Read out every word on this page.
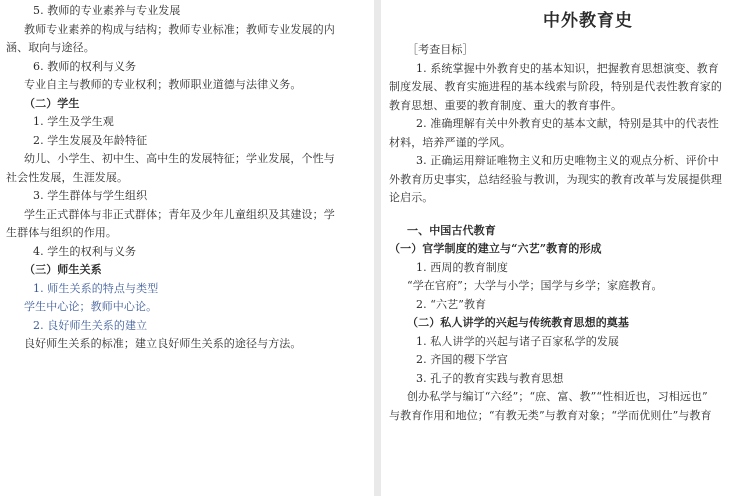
5. 教师的专业素养与专业发展
教师专业素养的构成与结构；教师专业标准；教师专业发展的内
涵、取向与途径。
6. 教师的权利与义务
专业自主与教师的专业权利；教师职业道德与法律义务。
（二）学生
1. 学生及学生观
2. 学生发展及年龄特征
幼儿、小学生、初中生、高中生的发展特征；学业发展，个性与
社会性发展，生涯发展。
3. 学生群体与学生组织
学生正式群体与非正式群体；青年及少年儿童组织及其建设；学
生群体与组织的作用。
4. 学生的权利与义务
（三）师生关系
1. 师生关系的特点与类型
学生中心论；教师中心论。
2. 良好师生关系的建立
良好师生关系的标准；建立良好师生关系的途径与方法。
中外教育史
［考查目标］
1. 系统掌握中外教育史的基本知识，把握教育思想演变、教育
制度发展、教育实施进程的基本线索与阶段，特别是代表性教育家的
教育思想、重要的教育制度、重大的教育事件。
2. 准确理解有关中外教育史的基本文献，特别是其中的代表性
材料，培养严谨的学风。
3. 正确运用辩证唯物主义和历史唯物主义的观点分析、评价中
外教育历史事实，总结经验与教训，为现实的教育改革与发展提供理
论启示。
一、中国古代教育
（一）官学制度的建立与“六艺”教育的形成
1. 西周的教育制度
“学在官府”；大学与小学；国学与乡学；家庭教育。
2. “六艺”教育
（二）私人讲学的兴起与传统教育思想的奠基
1. 私人讲学的兴起与诸子百家私学的发展
2. 齐国的稷下学宫
3. 孔子的教育实践与教育思想
创办私学与编订“六经”；“庶、富、教”“性相近也，习相远也”
与教育作用和地位；“有教无类”与教育对象；“学而优则仕”与教育
